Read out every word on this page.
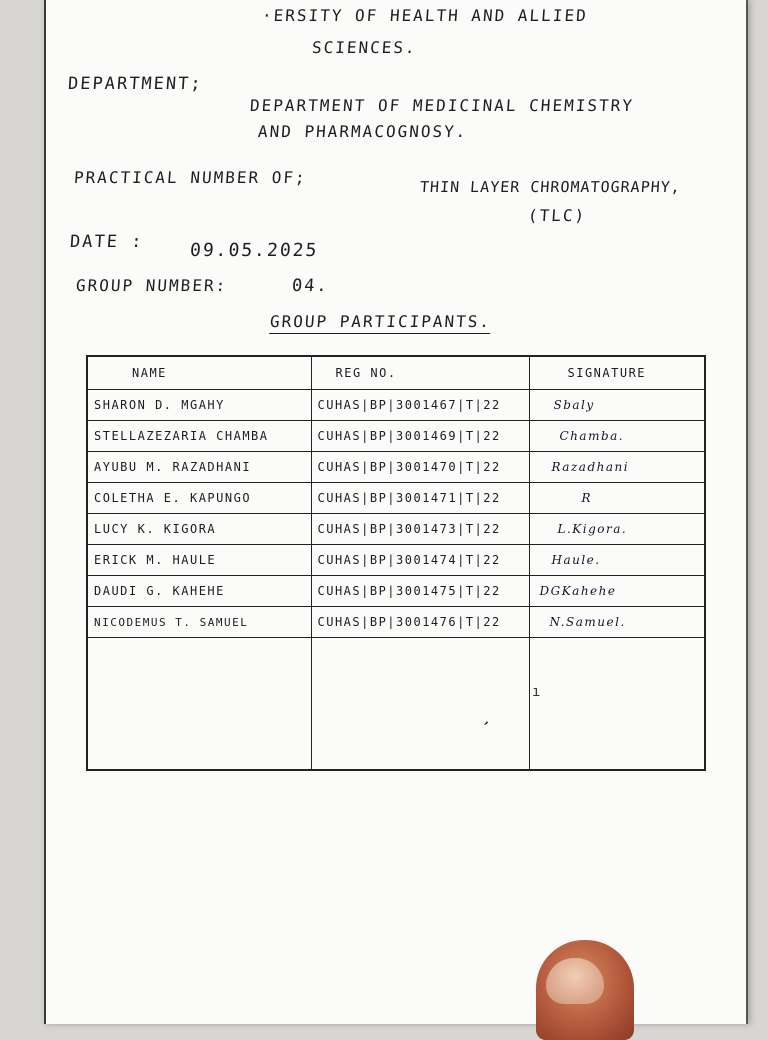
·ERSITY OF HEALTH AND ALLIED
SCIENCES.
DEPARTMENT;
DEPARTMENT OF MEDICINAL CHEMISTRY
AND PHARMACOGNOSY.
PRACTICAL NUMBER OF;	THIN LAYER CHROMATOGRAPHY,
(TLC)
DATE :	09.05.2025
GROUP NUMBER:	04.
GROUP PARTICIPANTS.
NAME	REG NO.	SIGNATURE
SHARON D. MGAHY	CUHAS|BP|3001467|T|22	Sbaly
STELLAZEZARIA CHAMBA	CUHAS|BP|3001469|T|22	Chamba.
AYUBU M. RAZADHANI	CUHAS|BP|3001470|T|22	Razadhani
COLETHA E. KAPUNGO	CUHAS|BP|3001471|T|22	R
LUCY K. KIGORA	CUHAS|BP|3001473|T|22	L.Kigora.
ERICK M. HAULE	CUHAS|BP|3001474|T|22	Haule.
DAUDI G. KAHEHE	CUHAS|BP|3001475|T|22	DGKahehe
NICODEMUS T. SAMUEL	CUHAS|BP|3001476|T|22	N.Samuel.

ı
,
